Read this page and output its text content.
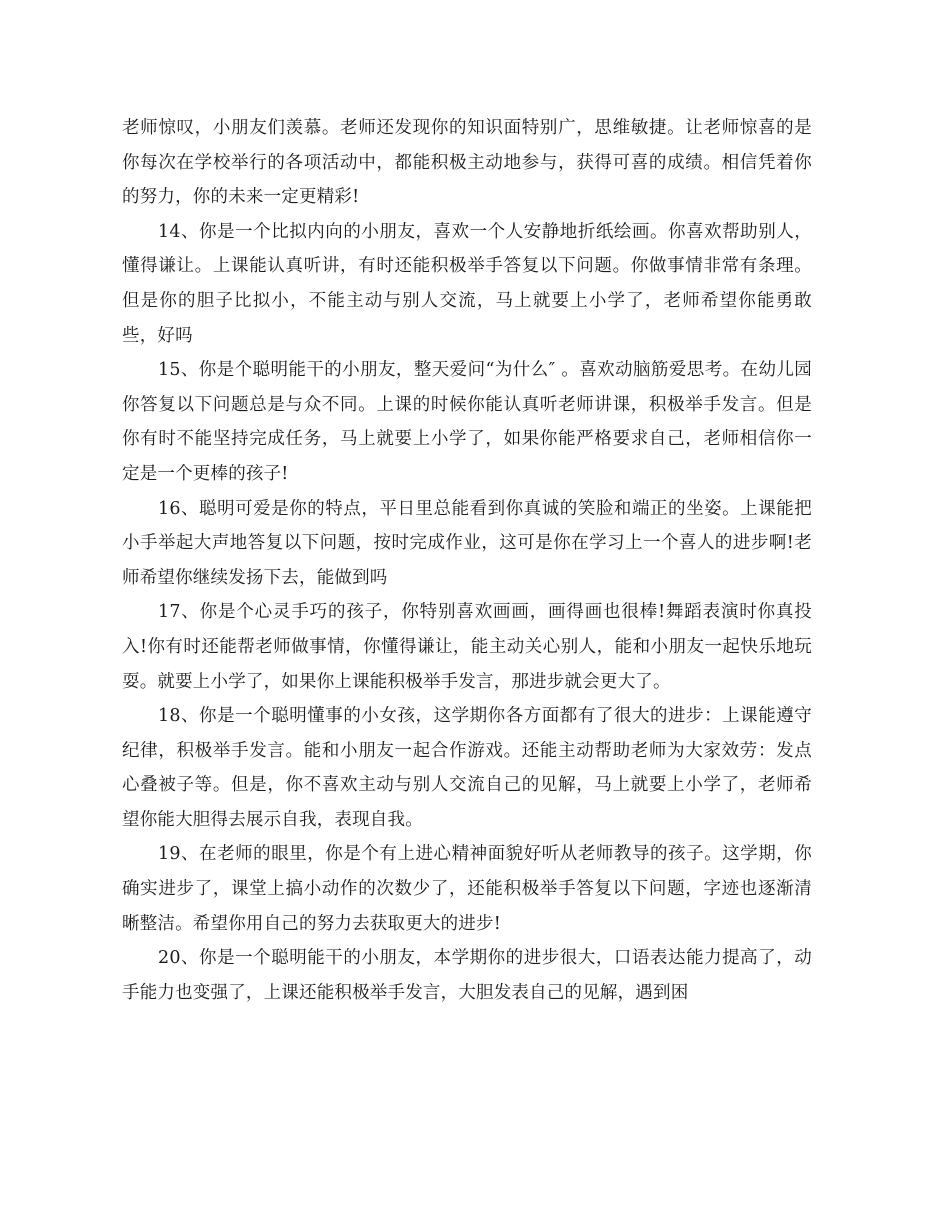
老师惊叹，小朋友们羡慕。老师还发现你的知识面特别广，思维敏捷。让老师惊喜的是你每次在学校举行的各项活动中，都能积极主动地参与，获得可喜的成绩。相信凭着你的努力，你的未来一定更精彩!

14、你是一个比拟内向的小朋友，喜欢一个人安静地折纸绘画。你喜欢帮助别人，懂得谦让。上课能认真听讲，有时还能积极举手答复以下问题。你做事情非常有条理。但是你的胆子比拟小，不能主动与别人交流，马上就要上小学了，老师希望你能勇敢些，好吗

15、你是个聪明能干的小朋友，整天爱问“为什么″ 。喜欢动脑筋爱思考。在幼儿园你答复以下问题总是与众不同。上课的时候你能认真听老师讲课，积极举手发言。但是你有时不能坚持完成任务，马上就要上小学了，如果你能严格要求自己，老师相信你一定是一个更棒的孩子!

16、聪明可爱是你的特点，平日里总能看到你真诚的笑脸和端正的坐姿。上课能把小手举起大声地答复以下问题，按时完成作业，这可是你在学习上一个喜人的进步啊!老师希望你继续发扬下去，能做到吗

17、你是个心灵手巧的孩子，你特别喜欢画画，画得画也很棒!舞蹈表演时你真投入!你有时还能帮老师做事情，你懂得谦让，能主动关心别人，能和小朋友一起快乐地玩耍。就要上小学了，如果你上课能积极举手发言，那进步就会更大了。

18、你是一个聪明懂事的小女孩，这学期你各方面都有了很大的进步：上课能遵守纪律，积极举手发言。能和小朋友一起合作游戏。还能主动帮助老师为大家效劳：发点心叠被子等。但是，你不喜欢主动与别人交流自己的见解，马上就要上小学了，老师希望你能大胆得去展示自我，表现自我。

19、在老师的眼里，你是个有上进心精神面貌好听从老师教导的孩子。这学期，你确实进步了，课堂上搞小动作的次数少了，还能积极举手答复以下问题，字迹也逐渐清晰整洁。希望你用自己的努力去获取更大的进步!

20、你是一个聪明能干的小朋友，本学期你的进步很大，口语表达能力提高了，动手能力也变强了，上课还能积极举手发言，大胆发表自己的见解，遇到困
